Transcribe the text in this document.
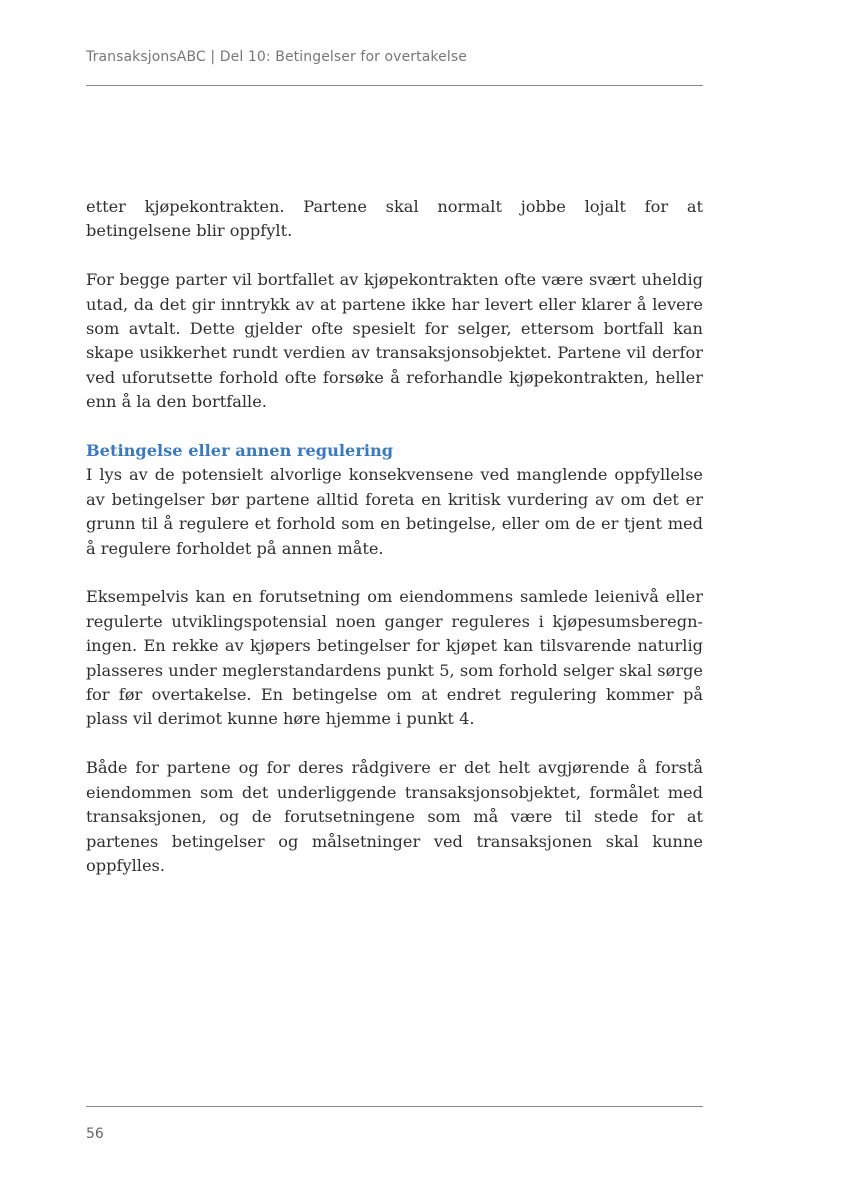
TransaksjonsABC | Del 10: Betingelser for overtakelse

etter kjøpekontrakten. Partene skal normalt jobbe lojalt for at betingelsene blir oppfylt.

For begge parter vil bortfallet av kjøpekontrakten ofte være svært uheldig utad, da det gir inntrykk av at partene ikke har levert eller klarer å levere som avtalt. Dette gjelder ofte spesielt for selger, ettersom bortfall kan skape usikkerhet rundt verdien av transaksjonsobjektet. Partene vil derfor ved uforutsette forhold ofte forsøke å reforhandle kjøpekontrakten, heller enn å la den bortfalle.

Betingelse eller annen regulering

I lys av de potensielt alvorlige konsekvensene ved manglende oppfyllelse av betingelser bør partene alltid foreta en kritisk vurdering av om det er grunn til å regulere et forhold som en betingelse, eller om de er tjent med å regulere forholdet på annen måte.

Eksempelvis kan en forutsetning om eiendommens samlede leienivå eller regulerte utviklingspotensial noen ganger reguleres i kjøpesumsberegningen. En rekke av kjøpers betingelser for kjøpet kan tilsvarende naturlig plasseres under meglerstandardens punkt 5, som forhold selger skal sørge for før overtakelse. En betingelse om at endret regulering kommer på plass vil derimot kunne høre hjemme i punkt 4.

Både for partene og for deres rådgivere er det helt avgjørende å forstå eiendommen som det underliggende transaksjonsobjektet, formålet med transaksjonen, og de forutsetningene som må være til stede for at partenes betingelser og målsetninger ved transaksjonen skal kunne oppfylles.

56
